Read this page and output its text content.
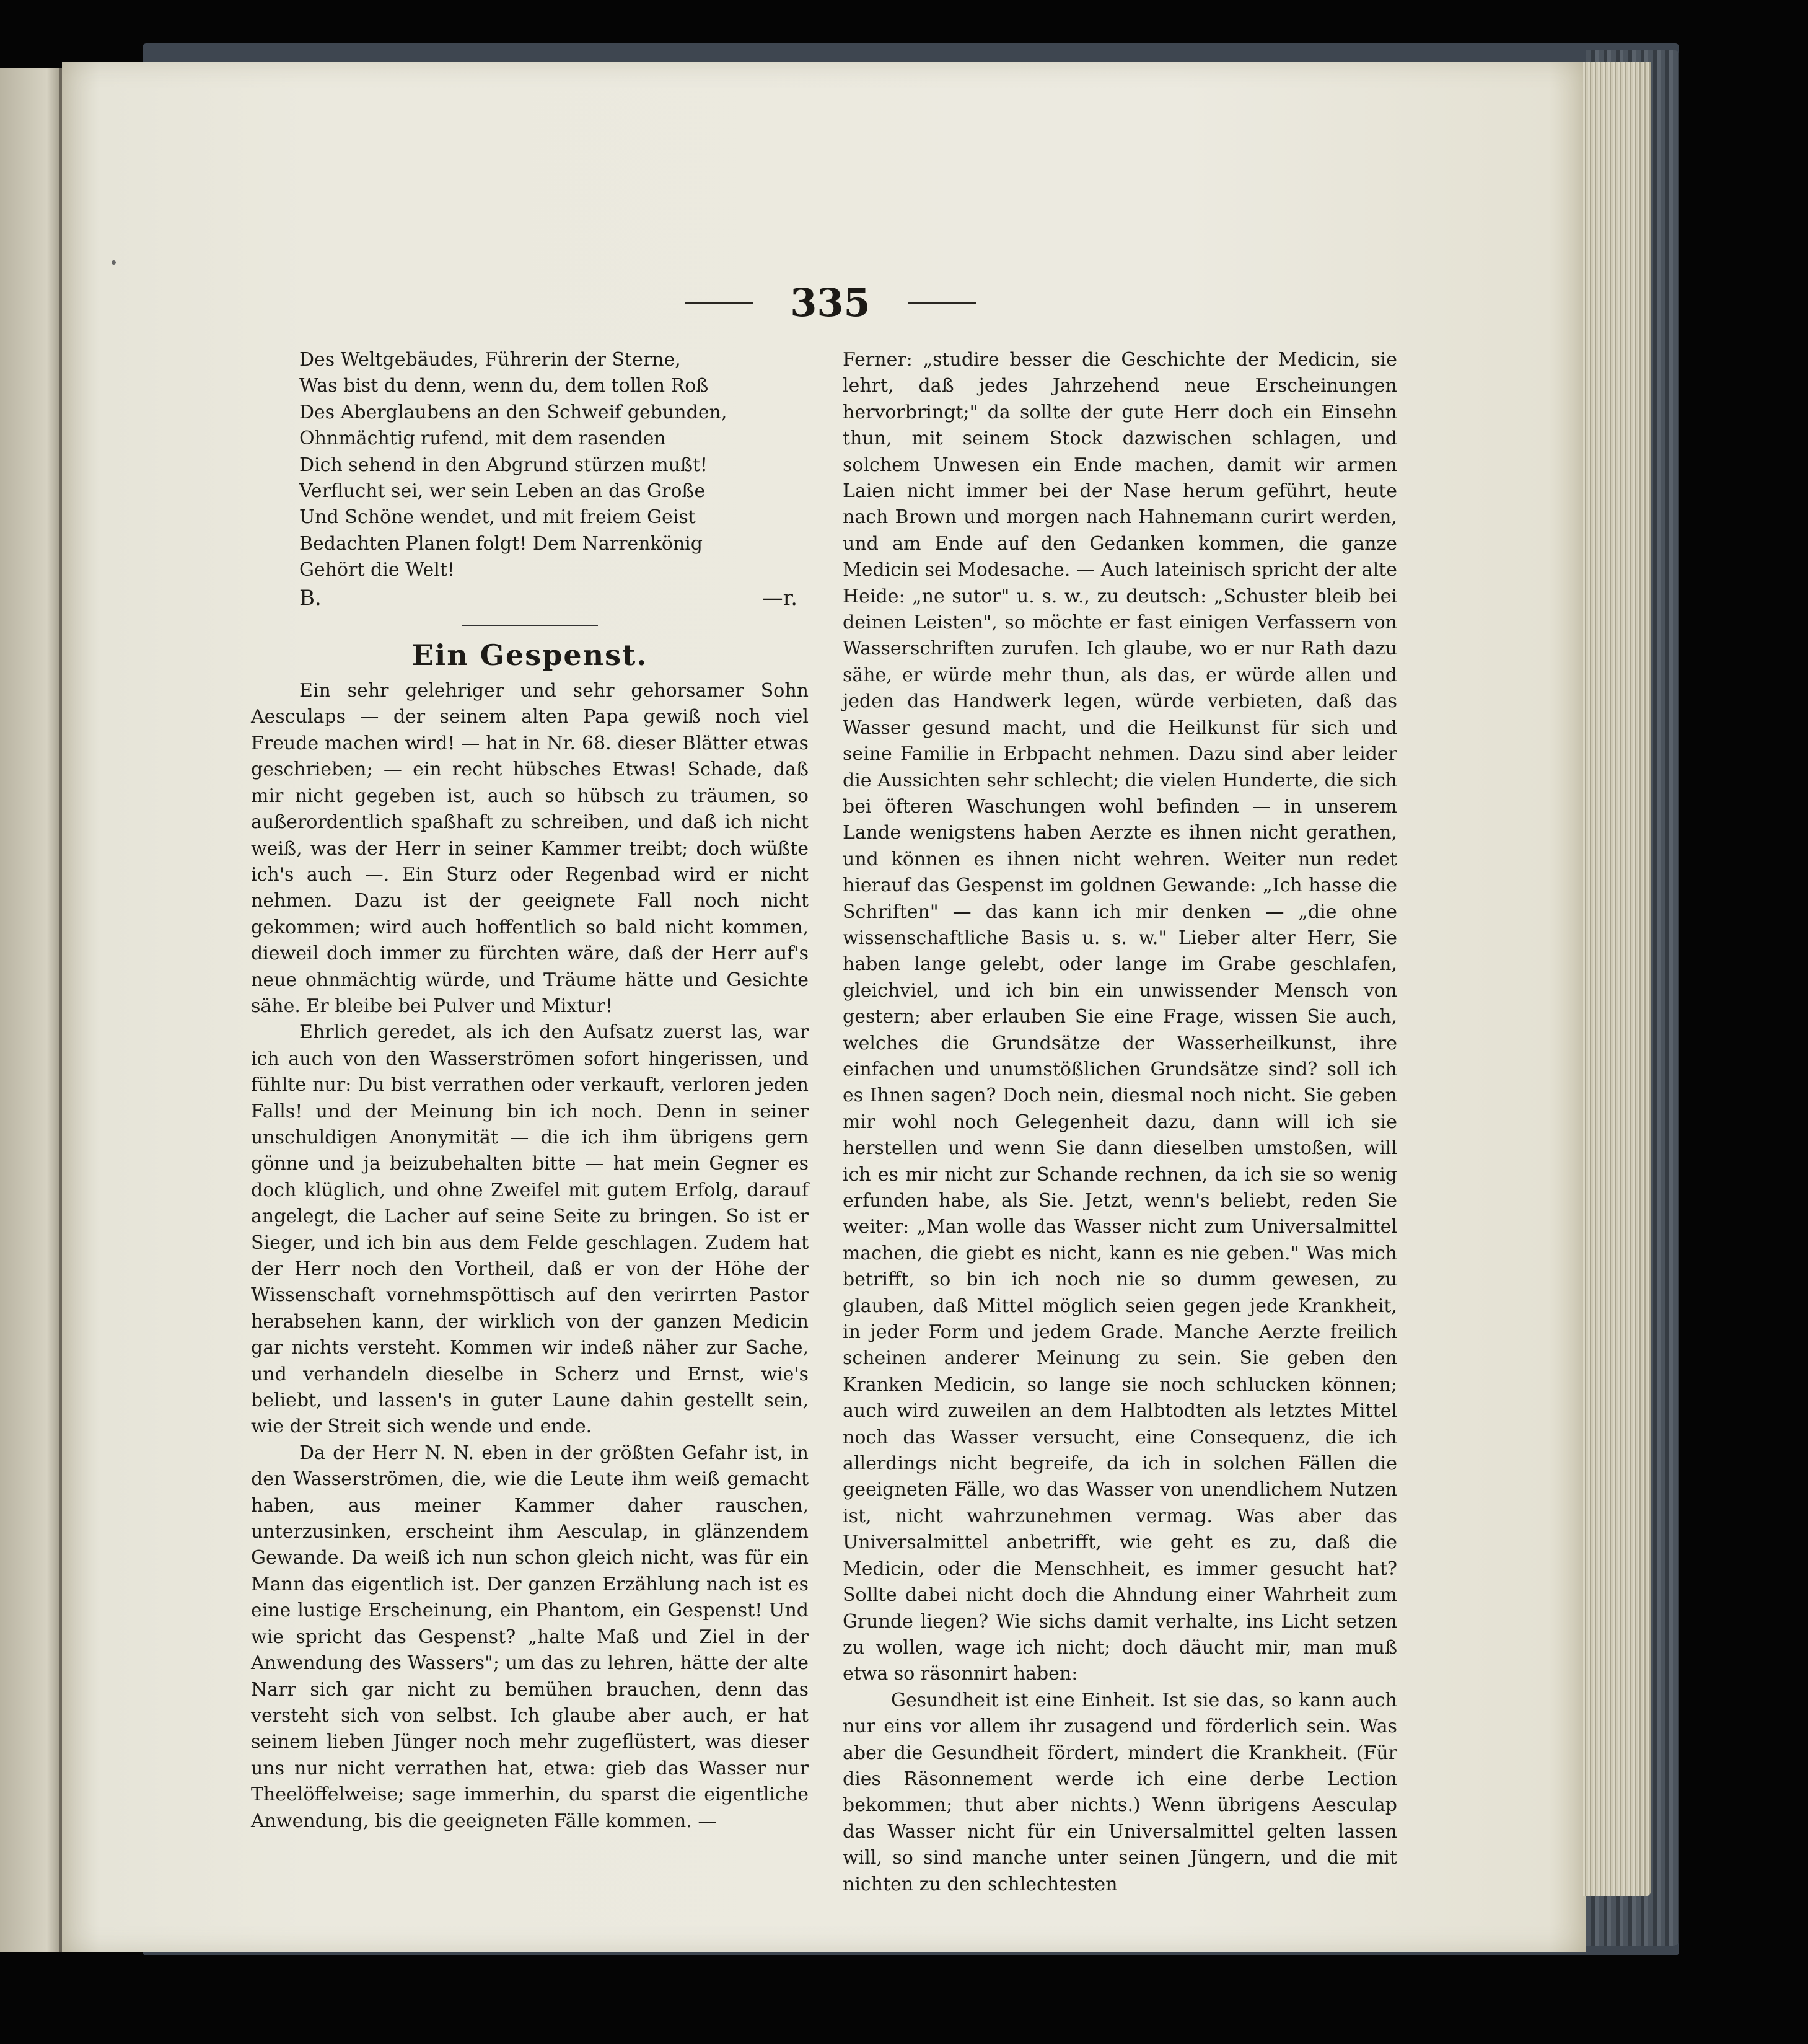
335
Des Weltgebäudes, Führerin der Sterne,
Was bist du denn, wenn du, dem tollen Roß
Des Aberglaubens an den Schweif gebunden,
Ohnmächtig rufend, mit dem rasenden
Dich sehend in den Abgrund stürzen mußt!
Verflucht sei, wer sein Leben an das Große
Und Schöne wendet, und mit freiem Geist
Bedachten Planen folgt! Dem Narrenkönig
Gehört die Welt!
B.	—r.
Ein Gespenst.

Ein sehr gelehriger und sehr gehorsamer Sohn Aesculaps — der seinem alten Papa gewiß noch viel Freude machen wird! — hat in Nr. 68. dieser Blätter etwas geschrieben; — ein recht hübsches Etwas! Schade, daß mir nicht gegeben ist, auch so hübsch zu träumen, so außerordentlich spaßhaft zu schreiben, und daß ich nicht weiß, was der Herr in seiner Kammer treibt; doch wüßte ich's auch —. Ein Sturz oder Regenbad wird er nicht nehmen. Dazu ist der geeignete Fall noch nicht gekommen; wird auch hoffentlich so bald nicht kommen, dieweil doch immer zu fürchten wäre, daß der Herr auf's neue ohnmächtig würde, und Träume hätte und Gesichte sähe. Er bleibe bei Pulver und Mixtur!

Ehrlich geredet, als ich den Aufsatz zuerst las, war ich auch von den Wasserströmen sofort hingerissen, und fühlte nur: Du bist verrathen oder verkauft, verloren jeden Falls! und der Meinung bin ich noch. Denn in seiner unschuldigen Anonymität — die ich ihm übrigens gern gönne und ja beizubehalten bitte — hat mein Gegner es doch klüglich, und ohne Zweifel mit gutem Erfolg, darauf angelegt, die Lacher auf seine Seite zu bringen. So ist er Sieger, und ich bin aus dem Felde geschlagen. Zudem hat der Herr noch den Vortheil, daß er von der Höhe der Wissenschaft vornehmspöttisch auf den verirrten Pastor herabsehen kann, der wirklich von der ganzen Medicin gar nichts versteht. Kommen wir indeß näher zur Sache, und verhandeln dieselbe in Scherz und Ernst, wie's beliebt, und lassen's in guter Laune dahin gestellt sein, wie der Streit sich wende und ende.

Da der Herr N. N. eben in der größten Gefahr ist, in den Wasserströmen, die, wie die Leute ihm weiß gemacht haben, aus meiner Kammer daher rauschen, unterzusinken, erscheint ihm Aesculap, in glänzendem Gewande. Da weiß ich nun schon gleich nicht, was für ein Mann das eigentlich ist. Der ganzen Erzählung nach ist es eine lustige Erscheinung, ein Phantom, ein Gespenst! Und wie spricht das Gespenst? „halte Maß und Ziel in der Anwendung des Wassers"; um das zu lehren, hätte der alte Narr sich gar nicht zu bemühen brauchen, denn das versteht sich von selbst. Ich glaube aber auch, er hat seinem lieben Jünger noch mehr zugeflüstert, was dieser uns nur nicht verrathen hat, etwa: gieb das Wasser nur Theelöffelweise; sage immerhin, du sparst die eigentliche Anwendung, bis die geeigneten Fälle kommen. —

Ferner: „studire besser die Geschichte der Medicin, sie lehrt, daß jedes Jahrzehend neue Erscheinungen hervorbringt;" da sollte der gute Herr doch ein Einsehn thun, mit seinem Stock dazwischen schlagen, und solchem Unwesen ein Ende machen, damit wir armen Laien nicht immer bei der Nase herum geführt, heute nach Brown und morgen nach Hahnemann curirt werden, und am Ende auf den Gedanken kommen, die ganze Medicin sei Modesache. — Auch lateinisch spricht der alte Heide: „ne sutor" u. s. w., zu deutsch: „Schuster bleib bei deinen Leisten", so möchte er fast einigen Verfassern von Wasserschriften zurufen. Ich glaube, wo er nur Rath dazu sähe, er würde mehr thun, als das, er würde allen und jeden das Handwerk legen, würde verbieten, daß das Wasser gesund macht, und die Heilkunst für sich und seine Familie in Erbpacht nehmen. Dazu sind aber leider die Aussichten sehr schlecht; die vielen Hunderte, die sich bei öfteren Waschungen wohl befinden — in unserem Lande wenigstens haben Aerzte es ihnen nicht gerathen, und können es ihnen nicht wehren. Weiter nun redet hierauf das Gespenst im goldnen Gewande: „Ich hasse die Schriften" — das kann ich mir denken — „die ohne wissenschaftliche Basis u. s. w." Lieber alter Herr, Sie haben lange gelebt, oder lange im Grabe geschlafen, gleichviel, und ich bin ein unwissender Mensch von gestern; aber erlauben Sie eine Frage, wissen Sie auch, welches die Grundsätze der Wasserheilkunst, ihre einfachen und unumstößlichen Grundsätze sind? soll ich es Ihnen sagen? Doch nein, diesmal noch nicht. Sie geben mir wohl noch Gelegenheit dazu, dann will ich sie herstellen und wenn Sie dann dieselben umstoßen, will ich es mir nicht zur Schande rechnen, da ich sie so wenig erfunden habe, als Sie. Jetzt, wenn's beliebt, reden Sie weiter: „Man wolle das Wasser nicht zum Universalmittel machen, die giebt es nicht, kann es nie geben." Was mich betrifft, so bin ich noch nie so dumm gewesen, zu glauben, daß Mittel möglich seien gegen jede Krankheit, in jeder Form und jedem Grade. Manche Aerzte freilich scheinen anderer Meinung zu sein. Sie geben den Kranken Medicin, so lange sie noch schlucken können; auch wird zuweilen an dem Halbtodten als letztes Mittel noch das Wasser versucht, eine Consequenz, die ich allerdings nicht begreife, da ich in solchen Fällen die geeigneten Fälle, wo das Wasser von unendlichem Nutzen ist, nicht wahrzunehmen vermag. Was aber das Universalmittel anbetrifft, wie geht es zu, daß die Medicin, oder die Menschheit, es immer gesucht hat? Sollte dabei nicht doch die Ahndung einer Wahrheit zum Grunde liegen? Wie sichs damit verhalte, ins Licht setzen zu wollen, wage ich nicht; doch däucht mir, man muß etwa so räsonnirt haben:

Gesundheit ist eine Einheit. Ist sie das, so kann auch nur eins vor allem ihr zusagend und förderlich sein. Was aber die Gesundheit fördert, mindert die Krankheit. (Für dies Räsonnement werde ich eine derbe Lection bekommen; thut aber nichts.) Wenn übrigens Aesculap das Wasser nicht für ein Universalmittel gelten lassen will, so sind manche unter seinen Jüngern, und die mit nichten zu den schlechtesten
